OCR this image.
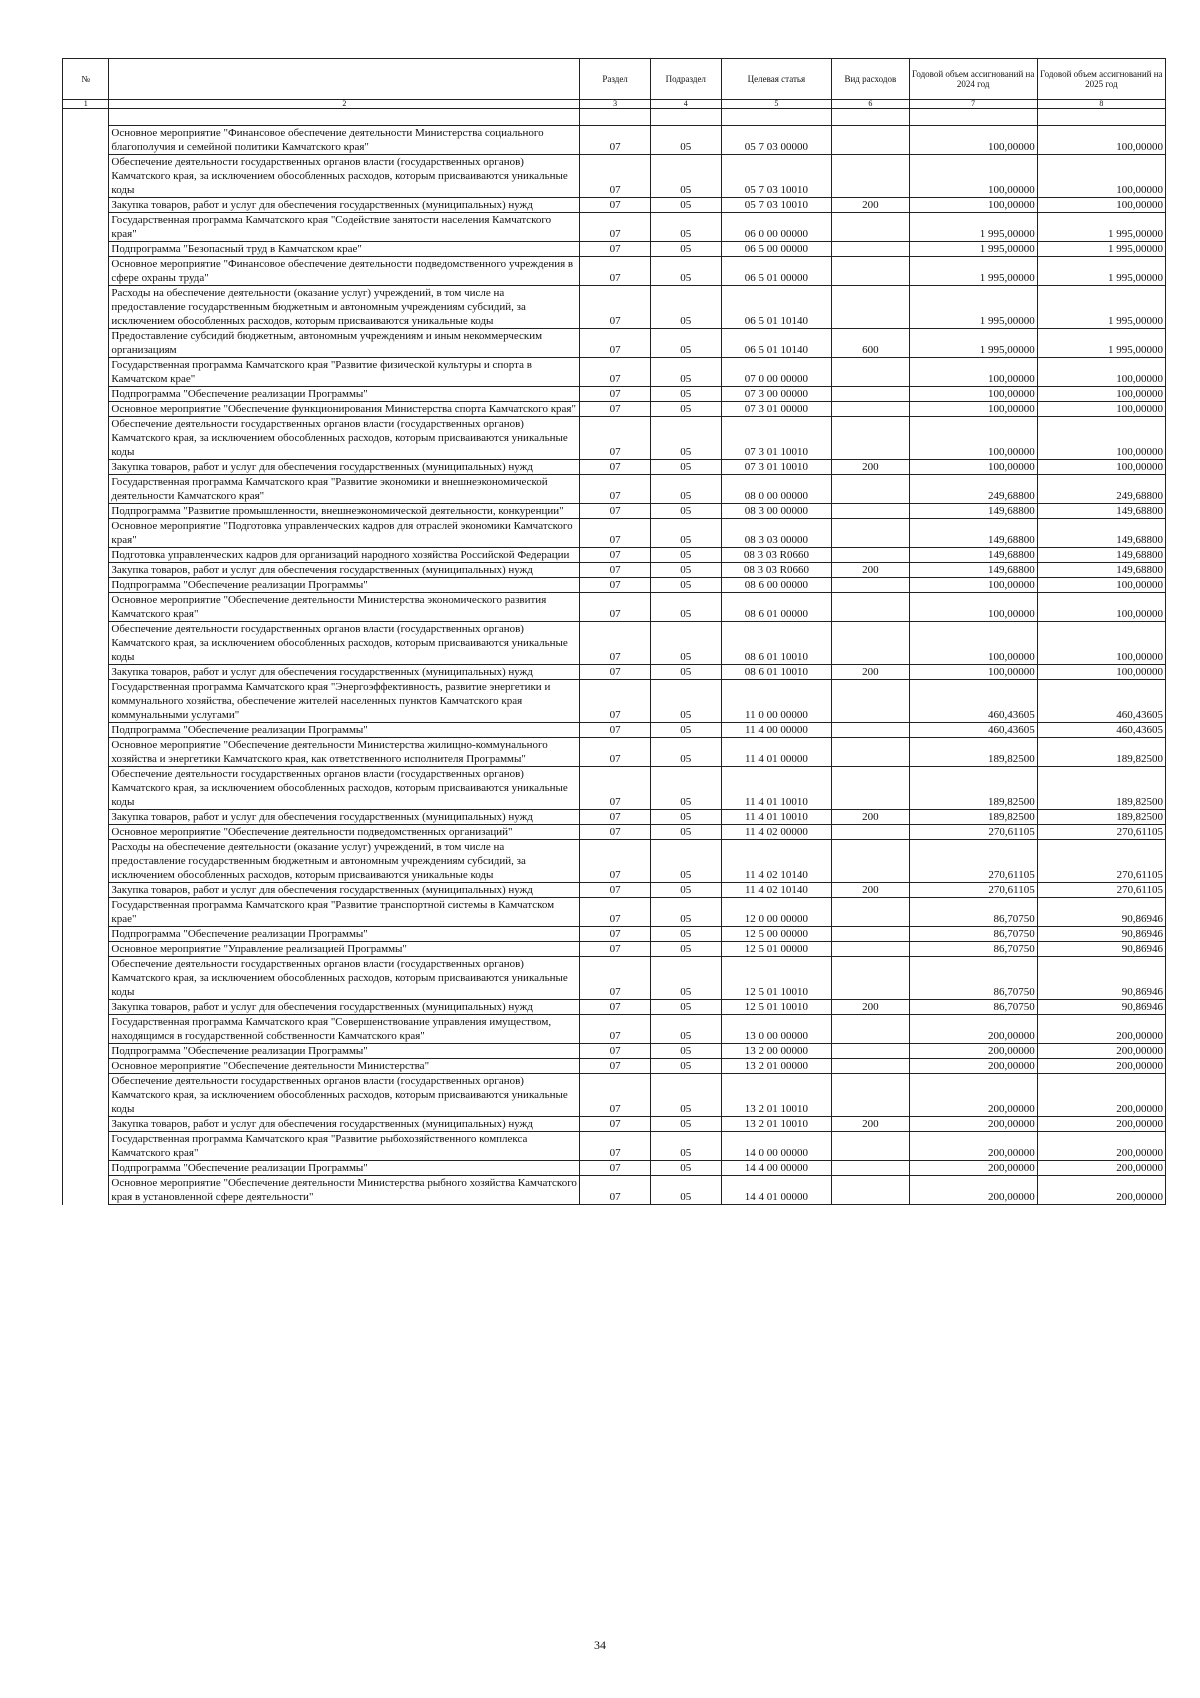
№		Раздел	Подраздел	Целевая статья	Вид расходов	Годовой объем ассигнований на 2024 год	Годовой объем ассигнований на 2025 год
1	2	3	4	5	6	7	8

	Основное мероприятие "Финансовое обеспечение деятельности Министерства социального благополучия и семейной политики Камчатского края"	07	05	05 7 03 00000		100,00000	100,00000
	Обеспечение деятельности государственных органов власти (государственных органов) Камчатского края, за исключением обособленных расходов, которым присваиваются уникальные коды	07	05	05 7 03 10010		100,00000	100,00000
	Закупка товаров, работ и услуг для обеспечения государственных (муниципальных) нужд	07	05	05 7 03 10010	200	100,00000	100,00000
	Государственная программа Камчатского края "Содействие занятости населения Камчатского края"	07	05	06 0 00 00000		1 995,00000	1 995,00000
	Подпрограмма "Безопасный труд в Камчатском крае"	07	05	06 5 00 00000		1 995,00000	1 995,00000
	Основное мероприятие "Финансовое обеспечение деятельности подведомственного учреждения в сфере охраны труда"	07	05	06 5 01 00000		1 995,00000	1 995,00000
	Расходы на обеспечение деятельности (оказание услуг) учреждений, в том числе на предоставление государственным бюджетным и автономным учреждениям субсидий, за исключением обособленных расходов, которым присваиваются уникальные коды	07	05	06 5 01 10140		1 995,00000	1 995,00000
	Предоставление субсидий бюджетным, автономным учреждениям и иным некоммерческим организациям	07	05	06 5 01 10140	600	1 995,00000	1 995,00000
	Государственная программа Камчатского края "Развитие физической культуры и спорта в Камчатском крае"	07	05	07 0 00 00000		100,00000	100,00000
	Подпрограмма "Обеспечение реализации Программы"	07	05	07 3 00 00000		100,00000	100,00000
	Основное мероприятие "Обеспечение функционирования Министерства спорта Камчатского края"	07	05	07 3 01 00000		100,00000	100,00000
	Обеспечение деятельности государственных органов власти (государственных органов) Камчатского края, за исключением обособленных расходов, которым присваиваются уникальные коды	07	05	07 3 01 10010		100,00000	100,00000
	Закупка товаров, работ и услуг для обеспечения государственных (муниципальных) нужд	07	05	07 3 01 10010	200	100,00000	100,00000
	Государственная программа Камчатского края "Развитие экономики и внешнеэкономической деятельности Камчатского края"	07	05	08 0 00 00000		249,68800	249,68800
	Подпрограмма "Развитие промышленности, внешнеэкономической деятельности, конкуренции"	07	05	08 3 00 00000		149,68800	149,68800
	Основное мероприятие "Подготовка управленческих кадров для отраслей экономики Камчатского края"	07	05	08 3 03 00000		149,68800	149,68800
	Подготовка управленческих кадров для организаций народного хозяйства Российской Федерации	07	05	08 3 03 R0660		149,68800	149,68800
	Закупка товаров, работ и услуг для обеспечения государственных (муниципальных) нужд	07	05	08 3 03 R0660	200	149,68800	149,68800
	Подпрограмма "Обеспечение реализации Программы"	07	05	08 6 00 00000		100,00000	100,00000
	Основное мероприятие "Обеспечение деятельности Министерства экономического развития Камчатского края"	07	05	08 6 01 00000		100,00000	100,00000
	Обеспечение деятельности государственных органов власти (государственных органов) Камчатского края, за исключением обособленных расходов, которым присваиваются уникальные коды	07	05	08 6 01 10010		100,00000	100,00000
	Закупка товаров, работ и услуг для обеспечения государственных (муниципальных) нужд	07	05	08 6 01 10010	200	100,00000	100,00000
	Государственная программа Камчатского края "Энергоэффективность, развитие энергетики и коммунального хозяйства, обеспечение жителей населенных пунктов Камчатского края коммунальными услугами"	07	05	11 0 00 00000		460,43605	460,43605
	Подпрограмма "Обеспечение реализации Программы"	07	05	11 4 00 00000		460,43605	460,43605
	Основное мероприятие "Обеспечение деятельности Министерства жилищно-коммунального хозяйства и энергетики Камчатского края, как ответственного исполнителя Программы"	07	05	11 4 01 00000		189,82500	189,82500
	Обеспечение деятельности государственных органов власти (государственных органов) Камчатского края, за исключением обособленных расходов, которым присваиваются уникальные коды	07	05	11 4 01 10010		189,82500	189,82500
	Закупка товаров, работ и услуг для обеспечения государственных (муниципальных) нужд	07	05	11 4 01 10010	200	189,82500	189,82500
	Основное мероприятие "Обеспечение деятельности подведомственных организаций"	07	05	11 4 02 00000		270,61105	270,61105
	Расходы на обеспечение деятельности (оказание услуг) учреждений, в том числе на предоставление государственным бюджетным и автономным учреждениям субсидий, за исключением обособленных расходов, которым присваиваются уникальные коды	07	05	11 4 02 10140		270,61105	270,61105
	Закупка товаров, работ и услуг для обеспечения государственных (муниципальных) нужд	07	05	11 4 02 10140	200	270,61105	270,61105
	Государственная программа Камчатского края "Развитие транспортной системы в Камчатском крае"	07	05	12 0 00 00000		86,70750	90,86946
	Подпрограмма "Обеспечение реализации Программы"	07	05	12 5 00 00000		86,70750	90,86946
	Основное мероприятие "Управление реализацией Программы"	07	05	12 5 01 00000		86,70750	90,86946
	Обеспечение деятельности государственных органов власти (государственных органов) Камчатского края, за исключением обособленных расходов, которым присваиваются уникальные коды	07	05	12 5 01 10010		86,70750	90,86946
	Закупка товаров, работ и услуг для обеспечения государственных (муниципальных) нужд	07	05	12 5 01 10010	200	86,70750	90,86946
	Государственная программа Камчатского края "Совершенствование управления имуществом, находящимся в государственной собственности Камчатского края"	07	05	13 0 00 00000		200,00000	200,00000
	Подпрограмма "Обеспечение реализации Программы"	07	05	13 2 00 00000		200,00000	200,00000
	Основное мероприятие "Обеспечение деятельности Министерства"	07	05	13 2 01 00000		200,00000	200,00000
	Обеспечение деятельности государственных органов власти (государственных органов) Камчатского края, за исключением обособленных расходов, которым присваиваются уникальные коды	07	05	13 2 01 10010		200,00000	200,00000
	Закупка товаров, работ и услуг для обеспечения государственных (муниципальных) нужд	07	05	13 2 01 10010	200	200,00000	200,00000
	Государственная программа Камчатского края "Развитие рыбохозяйственного комплекса Камчатского края"	07	05	14 0 00 00000		200,00000	200,00000
	Подпрограмма "Обеспечение реализации Программы"	07	05	14 4 00 00000		200,00000	200,00000
	Основное мероприятие "Обеспечение деятельности Министерства рыбного хозяйства Камчатского края в установленной сфере деятельности"	07	05	14 4 01 00000		200,00000	200,00000
34
